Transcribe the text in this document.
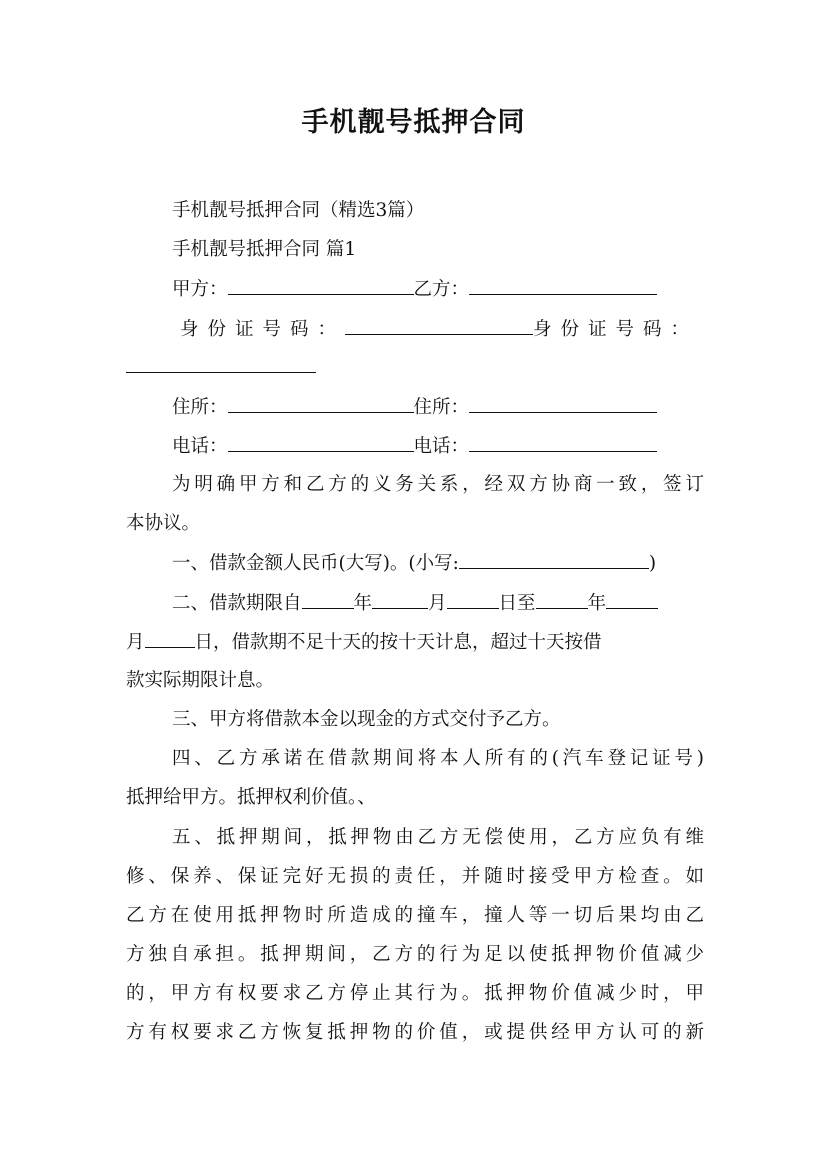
手机靓号抵押合同
手机靓号抵押合同（精选3篇）
手机靓号抵押合同 篇1
甲方：	乙方：
身份证号码：	身份证号码：
住所：	住所：
电话：	电话：
为明确甲方和乙方的义务关系，经双方协商一致，签订
本协议。
一、借款金额人民币(大写)。(小写:	)
二、借款期限自	年	月	日至	年
月	日，借款期不足十天的按十天计息，超过十天按借
款实际期限计息。
三、甲方将借款本金以现金的方式交付予乙方。
四、乙方承诺在借款期间将本人所有的(汽车登记证号)
抵押给甲方。抵押权利价值。、
五、抵押期间，抵押物由乙方无偿使用，乙方应负有维
修、保养、保证完好无损的责任，并随时接受甲方检查。如
乙方在使用抵押物时所造成的撞车，撞人等一切后果均由乙
方独自承担。抵押期间，乙方的行为足以使抵押物价值减少
的，甲方有权要求乙方停止其行为。抵押物价值减少时，甲
方有权要求乙方恢复抵押物的价值，或提供经甲方认可的新
